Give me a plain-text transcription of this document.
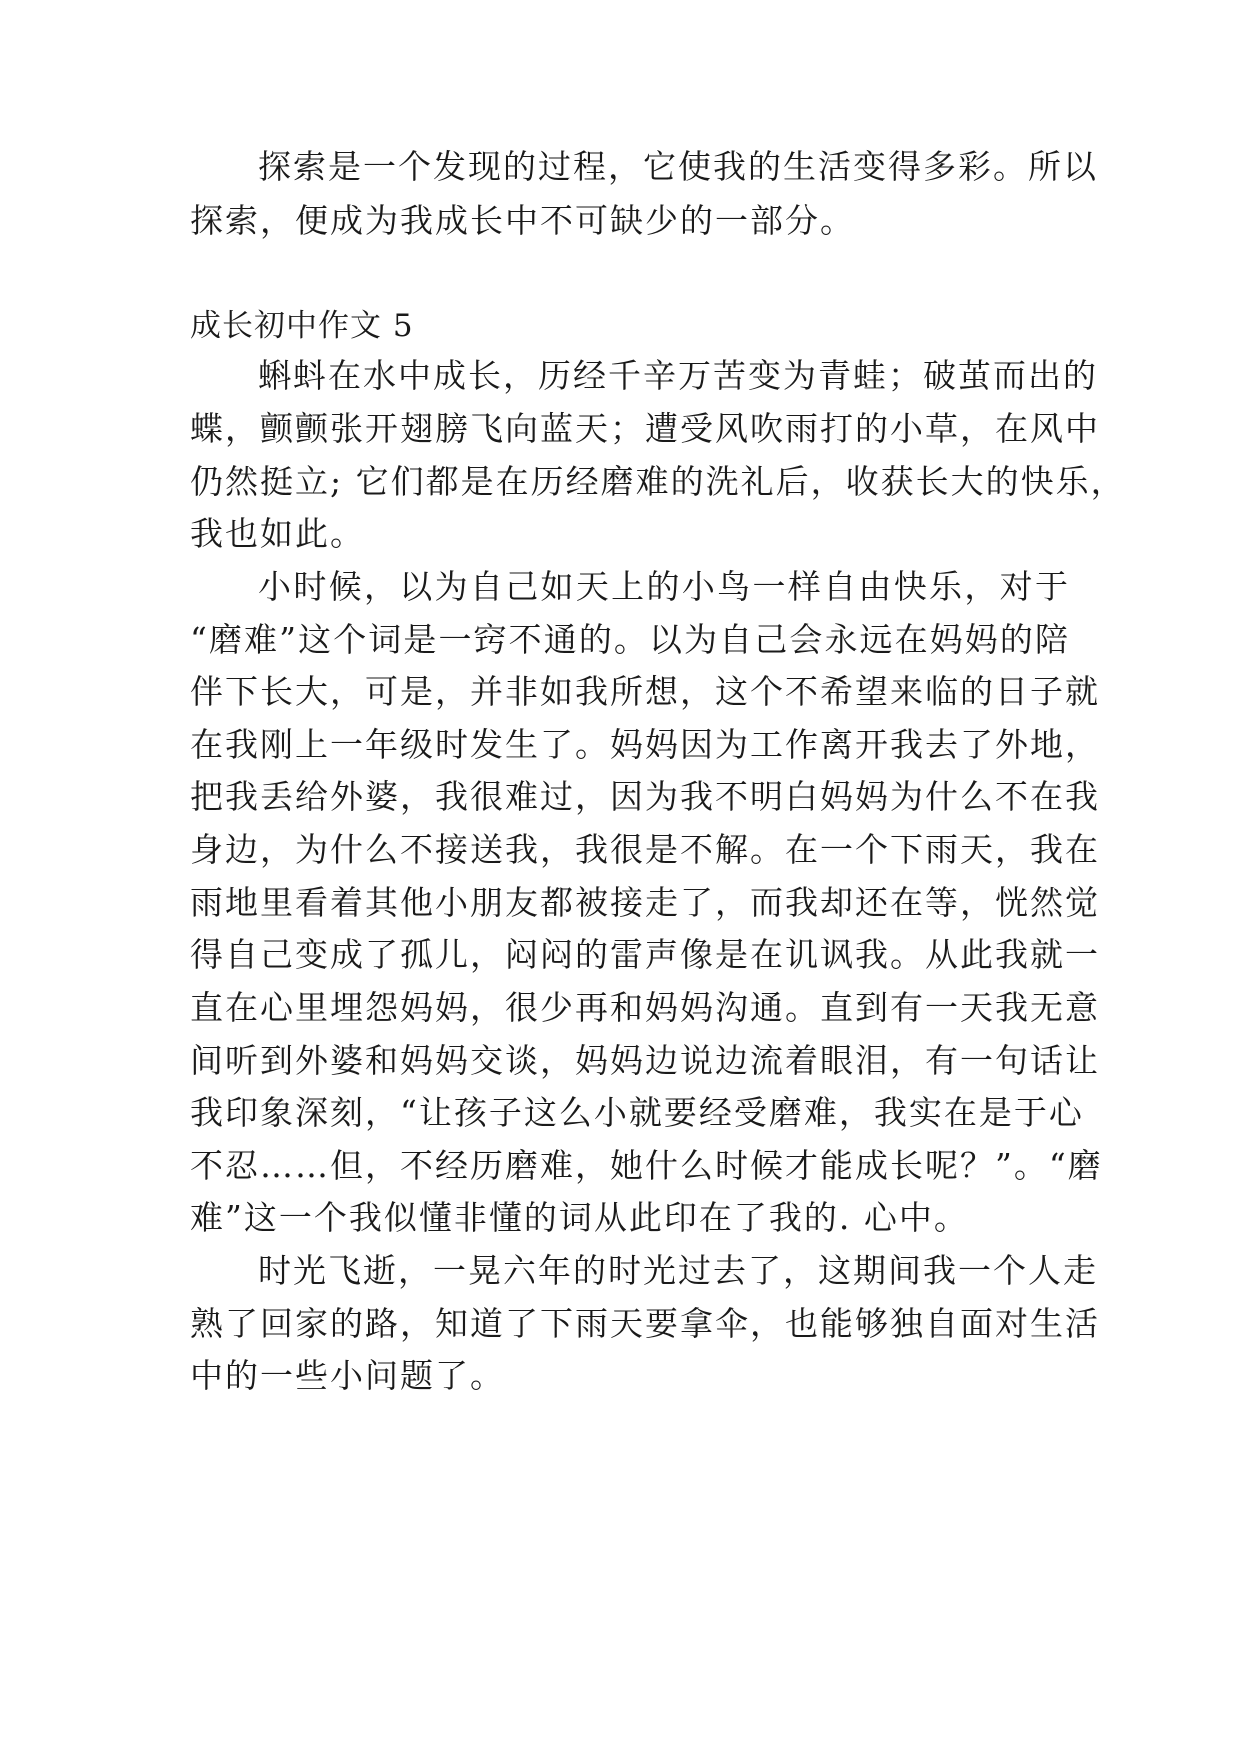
探索是一个发现的过程，它使我的生活变得多彩。所以
探索，便成为我成长中不可缺少的一部分。
成长初中作文 5
蝌蚪在水中成长，历经千辛万苦变为青蛙；破茧而出的
蝶，颤颤张开翅膀飞向蓝天；遭受风吹雨打的小草，在风中
仍然挺立; 它们都是在历经磨难的洗礼后，收获长大的快乐，
我也如此。
小时候，以为自己如天上的小鸟一样自由快乐，对于
“磨难”这个词是一窍不通的。以为自己会永远在妈妈的陪
伴下长大，可是，并非如我所想，这个不希望来临的日子就
在我刚上一年级时发生了。妈妈因为工作离开我去了外地，
把我丢给外婆，我很难过，因为我不明白妈妈为什么不在我
身边，为什么不接送我，我很是不解。在一个下雨天，我在
雨地里看着其他小朋友都被接走了，而我却还在等，恍然觉
得自己变成了孤儿，闷闷的雷声像是在讥讽我。从此我就一
直在心里埋怨妈妈，很少再和妈妈沟通。直到有一天我无意
间听到外婆和妈妈交谈，妈妈边说边流着眼泪，有一句话让
我印象深刻，“让孩子这么小就要经受磨难，我实在是于心
不忍……但，不经历磨难，她什么时候才能成长呢？”。“磨
难”这一个我似懂非懂的词从此印在了我的. 心中。
时光飞逝，一晃六年的时光过去了，这期间我一个人走
熟了回家的路，知道了下雨天要拿伞，也能够独自面对生活
中的一些小问题了。
